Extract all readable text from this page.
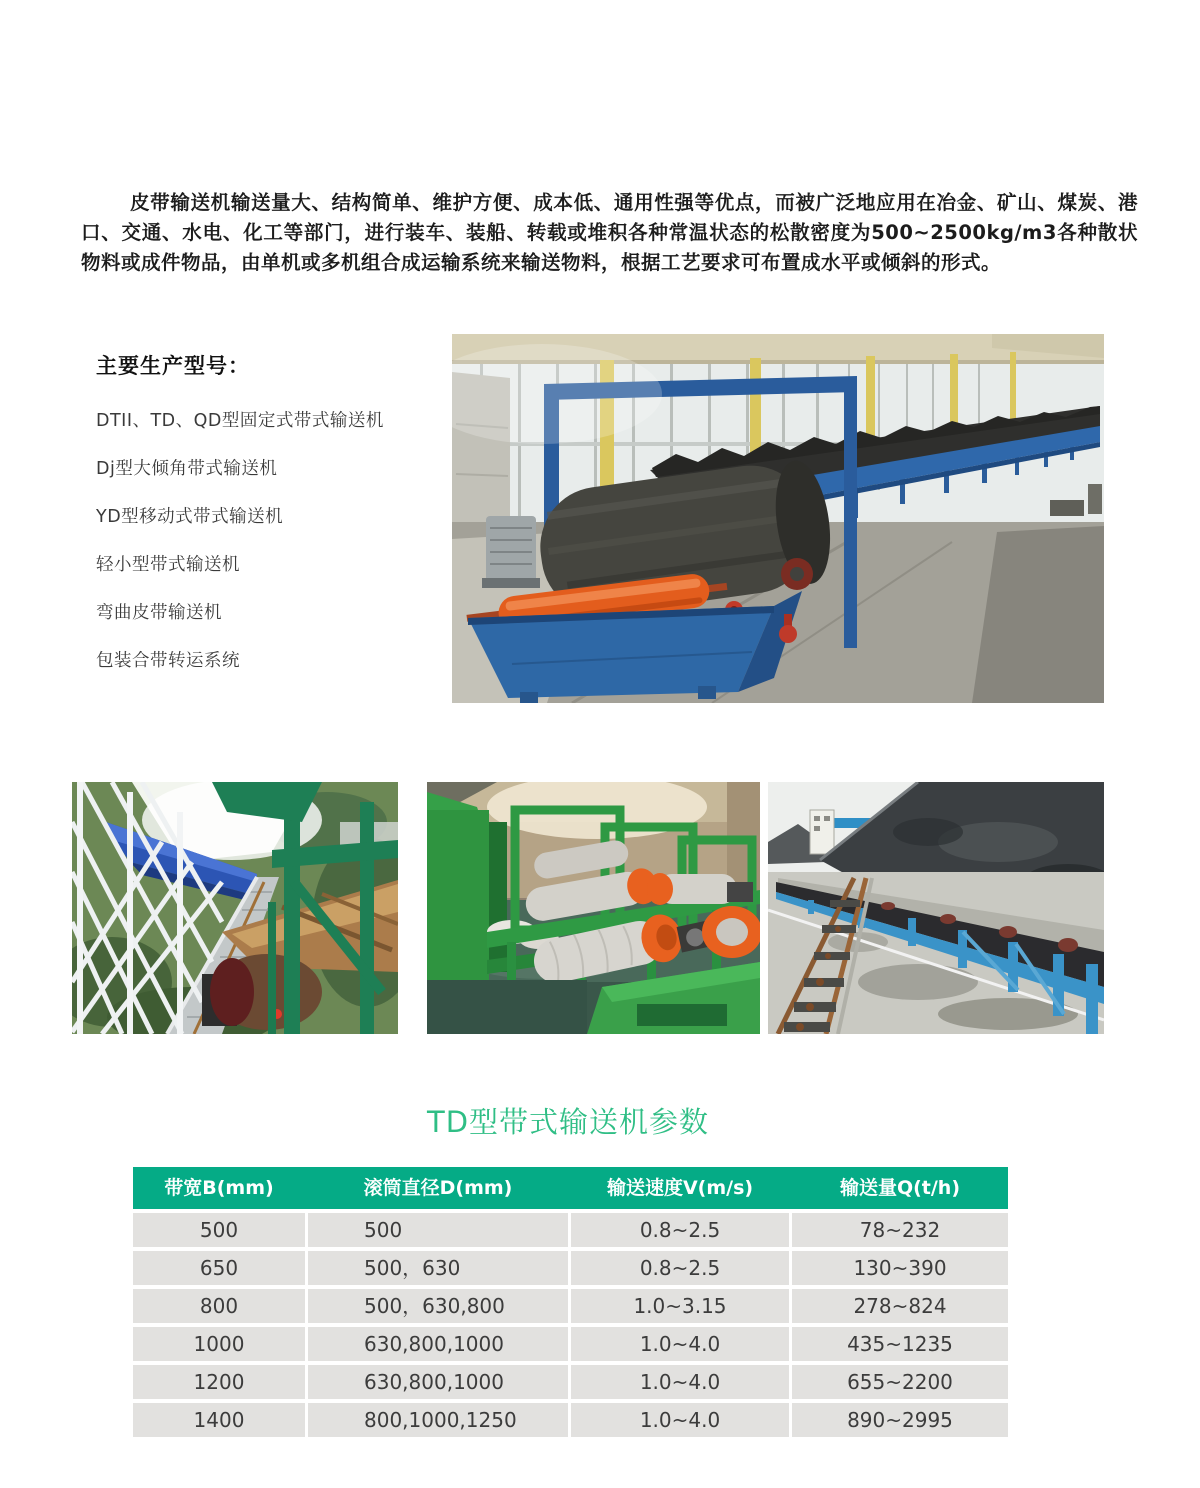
皮带输送机输送量大、结构简单、维护方便、成本低、通用性强等优点，而被广泛地应用在冶金、矿山、煤炭、港口、交通、水电、化工等部门，进行装车、装船、转载或堆积各种常温状态的松散密度为500~2500kg/m3各种散状物料或成件物品，由单机或多机组合成运输系统来输送物料，根据工艺要求可布置成水平或倾斜的形式。

主要生产型号：
DTII、TD、QD型固定式带式输送机
Dj型大倾角带式输送机
YD型移动式带式输送机
轻小型带式输送机
弯曲皮带输送机
包装合带转运系统
TD型带式输送机参数
带宽B(mm)	滚筒直径D(mm)	输送速度V(m/s)	输送量Q(t/h)
500	500	0.8~2.5	78~232
650	500，630	0.8~2.5	130~390
800	500，630,800	1.0~3.15	278~824
1000	630,800,1000	1.0~4.0	435~1235
1200	630,800,1000	1.0~4.0	655~2200
1400	800,1000,1250	1.0~4.0	890~2995
